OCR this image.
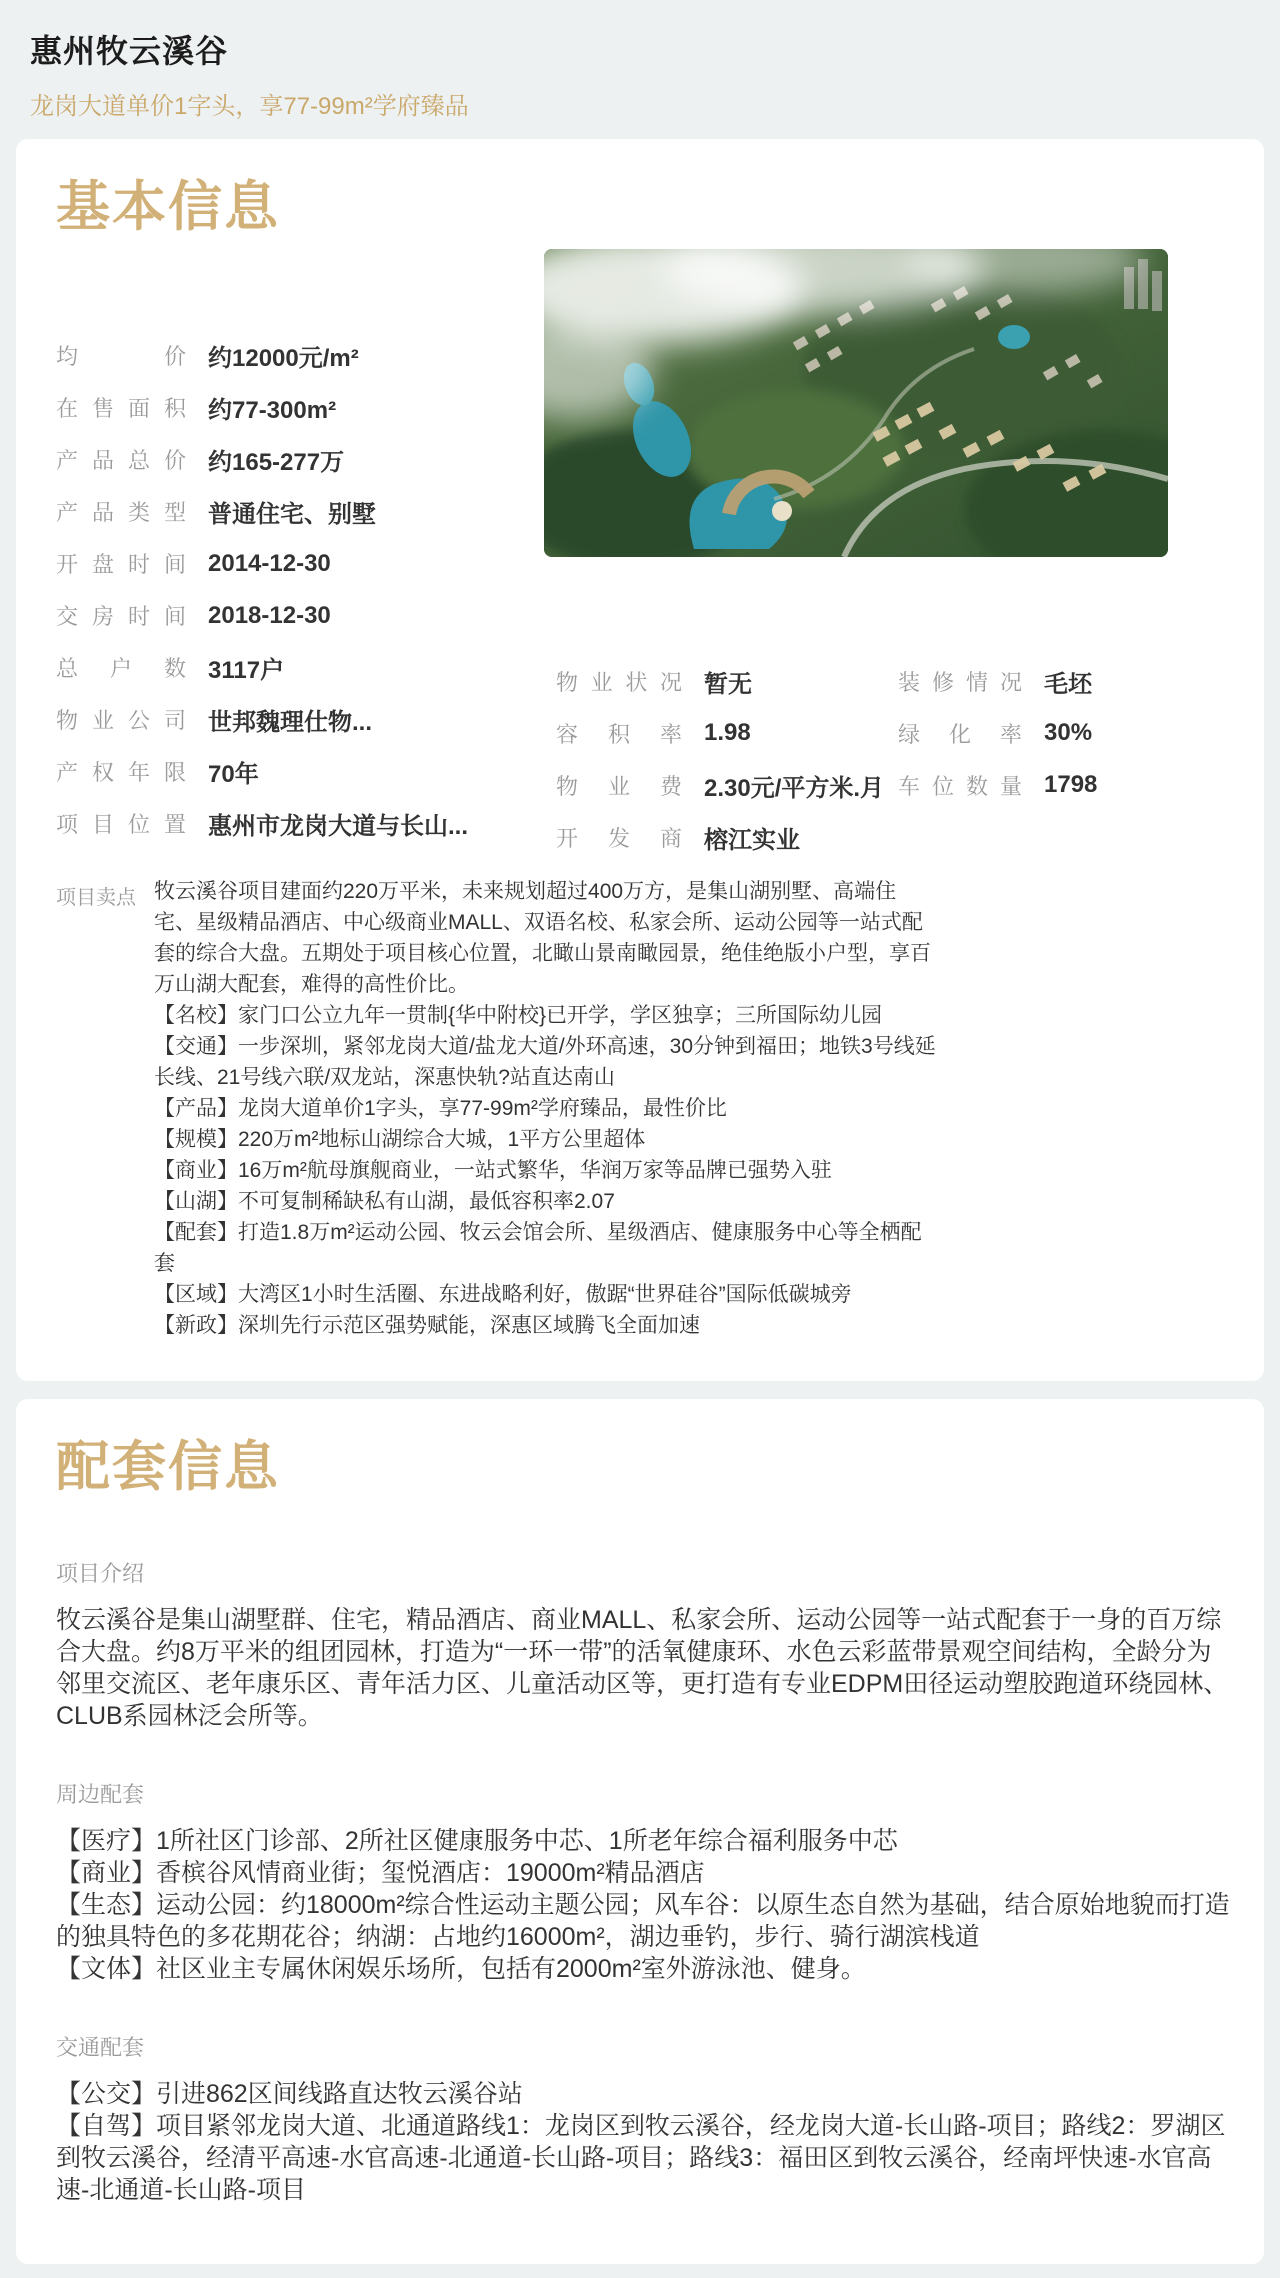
惠州牧云溪谷
龙岗大道单价1字头，享77-99m²学府臻品
基本信息
均价 约12000元/m²
在售面积 约77-300m²
产品总价 约165-277万
产品类型 普通住宅、别墅
开盘时间 2014-12-30
交房时间 2018-12-30
总户数 3117户
物业公司 世邦魏理仕物...
产权年限 70年
项目位置 惠州市龙岗大道与长山...
物业状况 暂无
容积率 1.98
物业费 2.30元/平方米.月
开发商 榕江实业
装修情况 毛坯
绿化率 30%
车位数量 1798
项目卖点 牧云溪谷项目建面约220万平米，未来规划超过400万方，是集山湖别墅、高端住宅、星级精品酒店、中心级商业MALL、双语名校、私家会所、运动公园等一站式配套的综合大盘。五期处于项目核心位置，北瞰山景南瞰园景，绝佳绝版小户型，享百万山湖大配套，难得的高性价比。

【名校】家门口公立九年一贯制{华中附校}已开学，学区独享；三所国际幼儿园

【交通】一步深圳，紧邻龙岗大道/盐龙大道/外环高速，30分钟到福田；地铁3号线延长线、21号线六联/双龙站，深惠快轨?站直达南山

【产品】龙岗大道单价1字头，享77-99m²学府臻品，最性价比

【规模】220万m²地标山湖综合大城，1平方公里超体

【商业】16万m²航母旗舰商业，一站式繁华，华润万家等品牌已强势入驻

【山湖】不可复制稀缺私有山湖，最低容积率2.07

【配套】打造1.8万m²运动公园、牧云会馆会所、星级酒店、健康服务中心等全栖配套

【区域】大湾区1小时生活圈、东进战略利好，傲踞“世界硅谷”国际低碳城旁

【新政】深圳先行示范区强势赋能，深惠区域腾飞全面加速

配套信息
项目介绍

牧云溪谷是集山湖墅群、住宅，精品酒店、商业MALL、私家会所、运动公园等一站式配套于一身的百万综合大盘。约8万平米的组团园林，打造为“一环一带”的活氧健康环、水色云彩蓝带景观空间结构，全龄分为邻里交流区、老年康乐区、青年活力区、儿童活动区等，更打造有专业EDPM田径运动塑胶跑道环绕园林、CLUB系园林泛会所等。

周边配套

【医疗】1所社区门诊部、2所社区健康服务中芯、1所老年综合福利服务中芯

【商业】香槟谷风情商业街；玺悦酒店：19000m²精品酒店

【生态】运动公园：约18000m²综合性运动主题公园；风车谷：以原生态自然为基础，结合原始地貌而打造的独具特色的多花期花谷；纳湖：占地约16000m²，湖边垂钓，步行、骑行湖滨栈道

【文体】社区业主专属休闲娱乐场所，包括有2000m²室外游泳池、健身。

交通配套

【公交】引进862区间线路直达牧云溪谷站

【自驾】项目紧邻龙岗大道、北通道路线1：龙岗区到牧云溪谷，经龙岗大道-长山路-项目；路线2：罗湖区到牧云溪谷，经清平高速-水官高速-北通道-长山路-项目；路线3：福田区到牧云溪谷，经南坪快速-水官高速-北通道-长山路-项目
